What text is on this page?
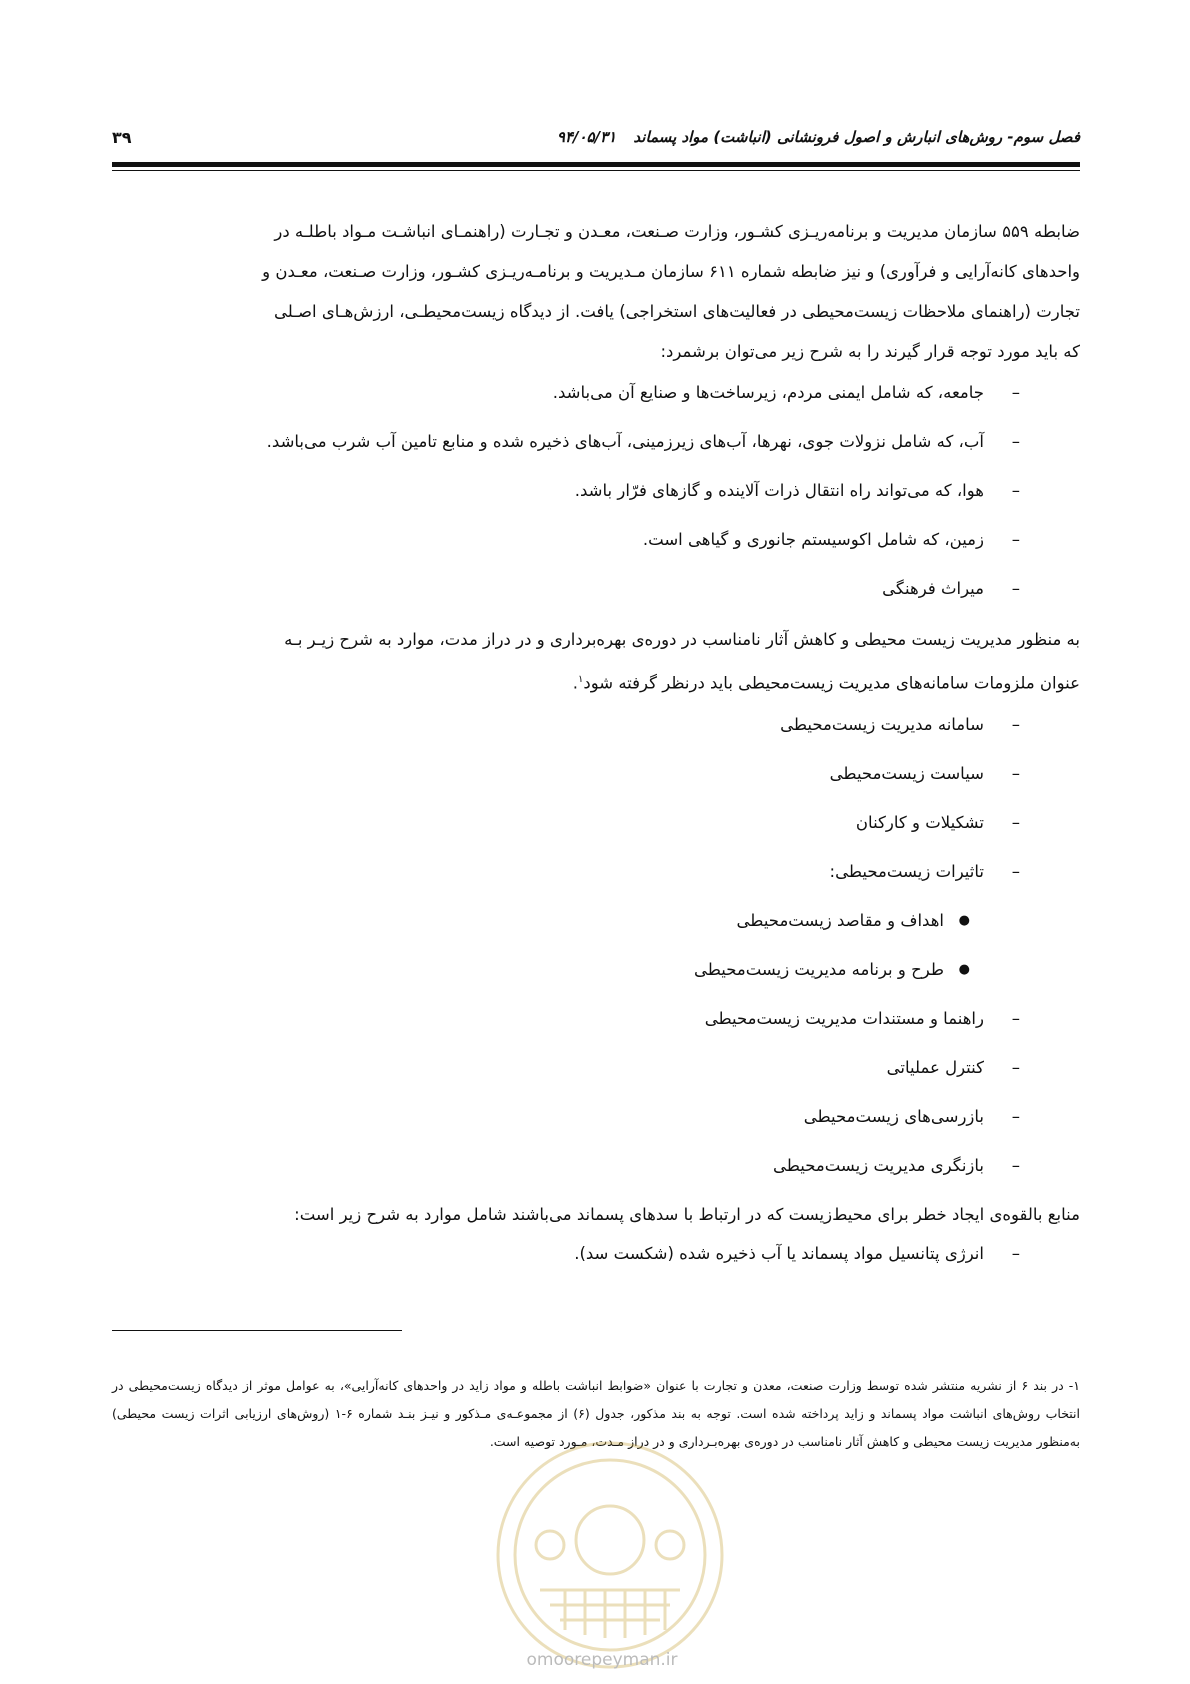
فصل سوم- روش‌های انبارش و اصول فرونشانی (انباشت) مواد پسماند ۹۴/۰۵/۳۱
۳۹

ضابطه ۵۵۹ سازمان مدیریت و برنامه‌ریـزی کشـور، وزارت صـنعت، معـدن و تجـارت (راهنمـای انباشـت مـواد باطلـه در

واحدهای کانه‌آرایی و فرآوری) و نیز ضابطه شماره ۶۱۱ سازمان مـدیریت و برنامـه‌ریـزی کشـور، وزارت صـنعت، معـدن و

تجارت (راهنمای ملاحظات زیست‌محیطی در فعالیت‌های استخراجی) یافت. از دیدگاه زیست‌محیطـی، ارزش‌هـای اصـلی

که باید مورد توجه قرار گیرند را به شرح زیر می‌توان برشمرد:

–
جامعه، که شامل ایمنی مردم، زیرساخت‌ها و صنایع آن می‌باشد.
–
آب، که شامل نزولات جوی، نهرها، آب‌های زیرزمینی، آب‌های ذخیره شده و منابع تامین آب شرب می‌باشد.
–
هوا، که می‌تواند راه انتقال ذرات آلاینده و گازهای فرّار باشد.
–
زمین، که شامل اکوسیستم جانوری و گیاهی است.
–
میراث فرهنگی

به منظور مدیریت زیست محیطی و کاهش آثار نامناسب در دوره‌ی بهره‌برداری و در دراز مدت، موارد به شرح زیـر بـه

عنوان ملزومات سامانه‌های مدیریت زیست‌محیطی باید درنظر گرفته شود$^۱$.

–
سامانه مدیریت زیست‌محیطی
–
سیاست زیست‌محیطی
–
تشکیلات و کارکنان
–
تاثیرات زیست‌محیطی:
●
اهداف و مقاصد زیست‌محیطی
●
طرح و برنامه مدیریت زیست‌محیطی
–
راهنما و مستندات مدیریت زیست‌محیطی
–
کنترل عملیاتی
–
بازرسی‌های زیست‌محیطی
–
بازنگری مدیریت زیست‌محیطی

منابع بالقوه‌ی ایجاد خطر برای محیط‌زیست که در ارتباط با سدهای پسماند می‌باشند شامل موارد به شرح زیر است:

–
انرژی پتانسیل مواد پسماند یا آب ذخیره شده (شکست سد).
۱- در بند ۶ از نشریه منتشر شده توسط وزارت صنعت، معدن و تجارت با عنوان «ضوابط انباشت باطله و مواد زاید در واحدهای کانه‌آرایی»، به عوامل موثر از دیدگاه زیست‌محیطی در انتخاب روش‌های انباشت مواد پسماند و زاید پرداخته شده است. توجه به بند مذکور، جدول (۶) از مجموعـه‌ی مـذکور و نیـز بنـد شماره ۶-۱ (روش‌های ارزیابی اثرات زیست محیطی) به‌منظور مدیریت زیست محیطی و کاهش آثار نامناسب در دوره‌ی بهره‌بـرداری و در دراز مـدت، مـورد توصیه است.
omoorepeyman.ir
